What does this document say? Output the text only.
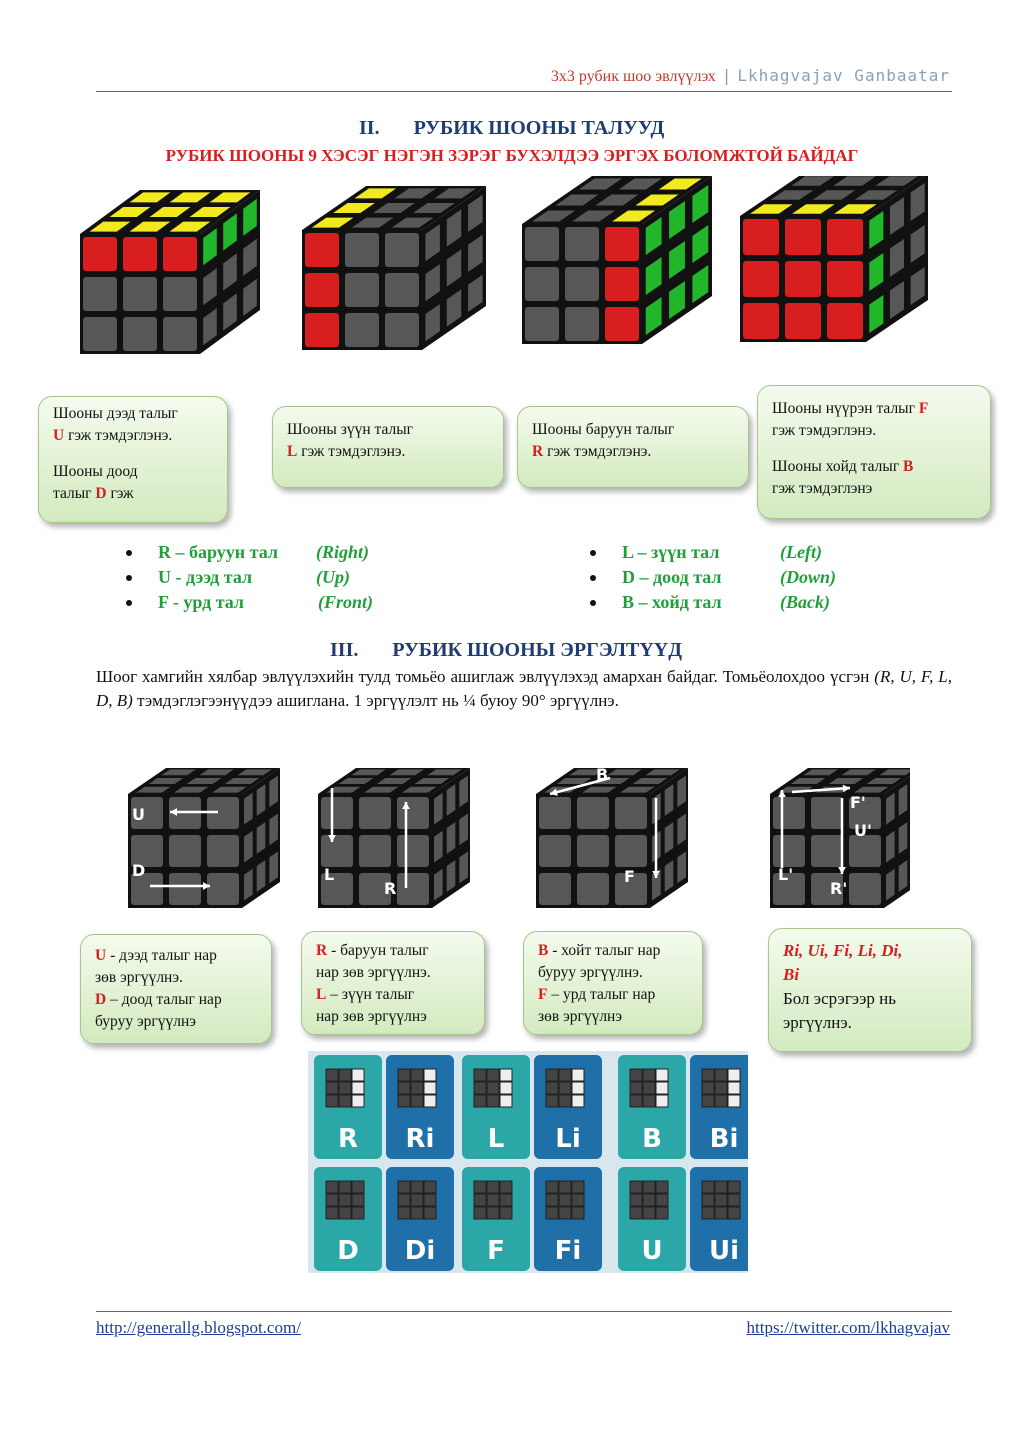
3x3 рубик шоо эвлүүлэх | Lkhagvajav Ganbaatar
II. РУБИК ШООНЫ ТАЛУУД
РУБИК ШООНЫ 9 ХЭСЭГ НЭГЭН ЗЭРЭГ БУХЭЛДЭЭ ЭРГЭХ БОЛОМЖТОЙ БАЙДАГ
Шооны дээд талыг
U гэж тэмдэглэнэ.
Шооны доод
талыг D гэж
Шооны зүүн талыг
L гэж тэмдэглэнэ.
Шооны баруун талыг
R гэж тэмдэглэнэ.
Шооны нүүрэн талыг F
гэж тэмдэглэнэ.
Шооны хойд талыг B
гэж тэмдэглэнэ
R – баруун тал	(Right)
U - дээд тал	(Up)
F - урд тал	(Front)
L – зүүн тал	(Left)
D – доод тал	(Down)
B – хойд тал	(Back)
III. РУБИК ШООНЫ ЭРГЭЛТҮҮД
Шоог хамгийн хялбар эвлүүлэхийн тулд томьёо ашиглаж эвлүүлэхэд амархан байдаг. Томьёолохдоо үсгэн (R, U, F, L, D, B) тэмдэглэгээнүүдээ ашиглана. 1 эргүүлэлт нь ¼ буюу 90° эргүүлнэ.
U
D	L
R
B
F
F'
U'
L'
R'
U - дээд талыг нар
зөв эргүүлнэ.
D – доод талыг нар
буруу эргүүлнэ
R - баруун талыг
нар зөв эргүүлнэ.
L – зүүн талыг
нар зөв эргүүлнэ
B - хойт талыг нар
буруу эргүүлнэ.
F – урд талыг нар
зөв эргүүлнэ
Ri, Ui, Fi, Li, Di,
Bi
Бол эсрэгээр нь
эргүүлнэ.
R Ri L Li B Bi
D Di F Fi U Ui
http://generallg.blogspot.com/	https://twitter.com/lkhagvajav
